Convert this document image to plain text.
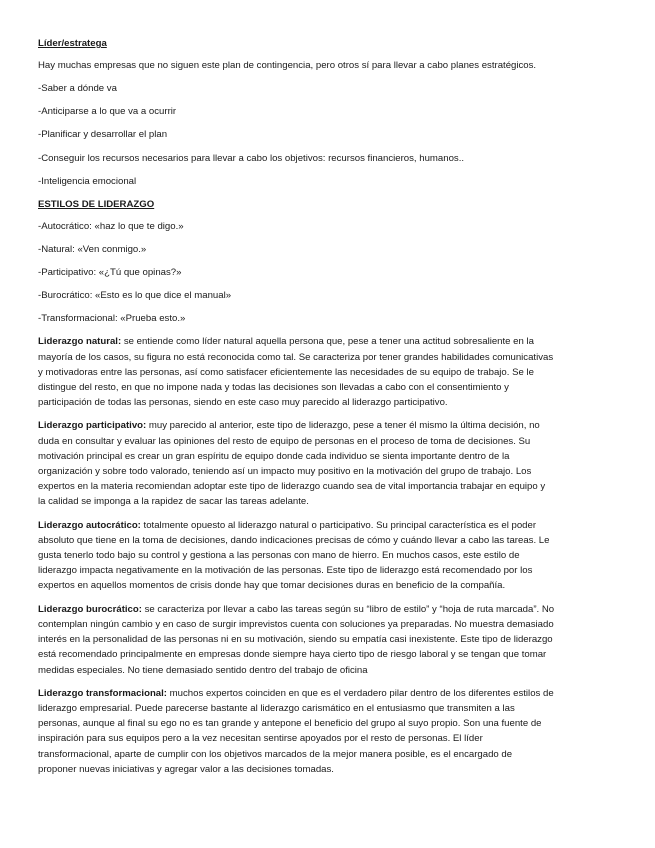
Líder/estratega
Hay muchas empresas que no siguen este plan de contingencia, pero otros sí para llevar a cabo planes estratégicos.
-Saber a dónde va
-Anticiparse a lo que va a ocurrir
-Planificar y desarrollar el plan
-Conseguir los recursos necesarios para llevar a cabo los objetivos: recursos financieros, humanos..
-Inteligencia emocional
ESTILOS DE LIDERAZGO
-Autocrático: «haz lo que te digo.»
-Natural: «Ven conmigo.»
-Participativo: «¿Tú que opinas?»
-Burocrático: «Esto es lo que dice el manual»
-Transformacional: «Prueba esto.»
Liderazgo natural: se entiende como líder natural aquella persona que, pese a tener una actitud sobresaliente en la
mayoría de los casos, su figura no está reconocida como tal. Se caracteriza por tener grandes habilidades comunicativas
y motivadoras entre las personas, así como satisfacer eficientemente las necesidades de su equipo de trabajo. Se le
distingue del resto, en que no impone nada y todas las decisiones son llevadas a cabo con el consentimiento y
participación de todas las personas, siendo en este caso muy parecido al liderazgo participativo.
Liderazgo participativo: muy parecido al anterior, este tipo de liderazgo, pese a tener él mismo la última decisión, no
duda en consultar y evaluar las opiniones del resto de equipo de personas en el proceso de toma de decisiones. Su
motivación principal es crear un gran espíritu de equipo donde cada individuo se sienta importante dentro de la
organización y sobre todo valorado, teniendo así un impacto muy positivo en la motivación del grupo de trabajo. Los
expertos en la materia recomiendan adoptar este tipo de liderazgo cuando sea de vital importancia trabajar en equipo y
la calidad se imponga a la rapidez de sacar las tareas adelante.
Liderazgo autocrático: totalmente opuesto al liderazgo natural o participativo. Su principal característica es el poder
absoluto que tiene en la toma de decisiones, dando indicaciones precisas de cómo y cuándo llevar a cabo las tareas. Le
gusta tenerlo todo bajo su control y gestiona a las personas con mano de hierro. En muchos casos, este estilo de
liderazgo impacta negativamente en la motivación de las personas. Este tipo de liderazgo está recomendado por los
expertos en aquellos momentos de crisis donde hay que tomar decisiones duras en beneficio de la compañía.
Liderazgo burocrático: se caracteriza por llevar a cabo las tareas según su “libro de estilo” y “hoja de ruta marcada”. No
contemplan ningún cambio y en caso de surgir imprevistos cuenta con soluciones ya preparadas. No muestra demasiado
interés en la personalidad de las personas ni en su motivación, siendo su empatía casi inexistente. Este tipo de liderazgo
está recomendado principalmente en empresas donde siempre haya cierto tipo de riesgo laboral y se tengan que tomar
medidas especiales. No tiene demasiado sentido dentro del trabajo de oficina
Liderazgo transformacional: muchos expertos coinciden en que es el verdadero pilar dentro de los diferentes estilos de
liderazgo empresarial. Puede parecerse bastante al liderazgo carismático en el entusiasmo que transmiten a las
personas, aunque al final su ego no es tan grande y antepone el beneficio del grupo al suyo propio. Son una fuente de
inspiración para sus equipos pero a la vez necesitan sentirse apoyados por el resto de personas. El líder
transformacional, aparte de cumplir con los objetivos marcados de la mejor manera posible, es el encargado de
proponer nuevas iniciativas y agregar valor a las decisiones tomadas.
